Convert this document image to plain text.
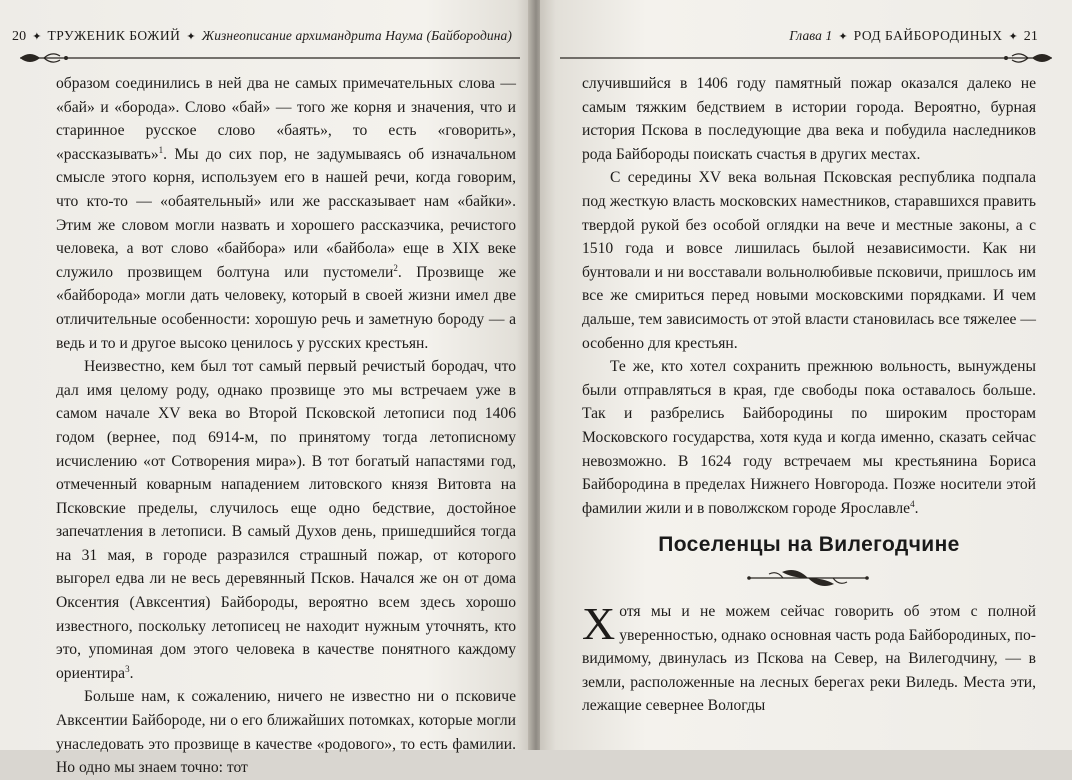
20 ✦ ТРУЖЕНИК БОЖИЙ ✦ Жизнеописание архимандрита Наума (Байбородина)

образом соединились в ней два не самых примечательных слова — «бай» и «борода». Слово «бай» — того же корня и значения, что и старинное русское слово «баять», то есть «говорить», «рассказывать»$^1$. Мы до сих пор, не задумываясь об изначальном смысле этого корня, используем его в нашей речи, когда говорим, что кто-то — «обаятельный» или же рассказывает нам «байки». Этим же словом могли назвать и хорошего рассказчика, речистого человека, а вот слово «байбора» или «байбола» еще в XIX веке служило прозвищем болтуна или пустомели$^2$. Прозвище же «байборода» могли дать человеку, который в своей жизни имел две отличительные особенности: хорошую речь и заметную бороду — а ведь и то и другое высоко ценилось у русских крестьян.

Неизвестно, кем был тот самый первый речистый бородач, что дал имя целому роду, однако прозвище это мы встречаем уже в самом начале XV века во Второй Псковской летописи под 1406 годом (вернее, под 6914-м, по принятому тогда летописному исчислению «от Сотворения мира»). В тот богатый напастями год, отмеченный коварным нападением литовского князя Витовта на Псковские пределы, случилось еще одно бедствие, достойное запечатления в летописи. В самый Духов день, пришедшийся тогда на 31 мая, в городе разразился страшный пожар, от которого выгорел едва ли не весь деревянный Псков. Начался же он от дома Оксентия (Авксентия) Байбороды, вероятно всем здесь хорошо известного, поскольку летописец не находит нужным уточнять, кто это, упоминая дом этого человека в качестве понятного каждому ориентира$^3$.

Больше нам, к сожалению, ничего не известно ни о псковиче Авксентии Байбороде, ни о его ближайших потомках, которые могли унаследовать это прозвище в качестве «родового», то есть фамилии. Но одно мы знаем точно: тот

Глава 1 ✦ РОД БАЙБОРОДИНЫХ ✦ 21

случившийся в 1406 году памятный пожар оказался далеко не самым тяжким бедствием в истории города. Вероятно, бурная история Пскова в последующие два века и побудила наследников рода Байбороды поискать счастья в других местах.

С середины XV века вольная Псковская республика подпала под жесткую власть московских наместников, старавшихся править твердой рукой без особой оглядки на вече и местные законы, а с 1510 года и вовсе лишилась былой независимости. Как ни бунтовали и ни восставали вольнолюбивые псковичи, пришлось им все же смириться перед новыми московскими порядками. И чем дальше, тем зависимость от этой власти становилась все тяжелее — особенно для крестьян.

Те же, кто хотел сохранить прежнюю вольность, вынуждены были отправляться в края, где свободы пока оставалось больше. Так и разбрелись Байбородины по широким просторам Московского государства, хотя куда и когда именно, сказать сейчас невозможно. В 1624 году встречаем мы крестьянина Бориса Байбородина в пределах Нижнего Новгорода. Позже носители этой фамилии жили и в поволжском городе Ярославле$^4$.

Поселенцы на Вилегодчине

Хотя мы и не можем сейчас говорить об этом с полной уверенностью, однако основная часть рода Байбородиных, по-видимому, двинулась из Пскова на Север, на Вилегодчину, — в земли, расположенные на лесных берегах реки Виледь. Места эти, лежащие севернее Вологды
